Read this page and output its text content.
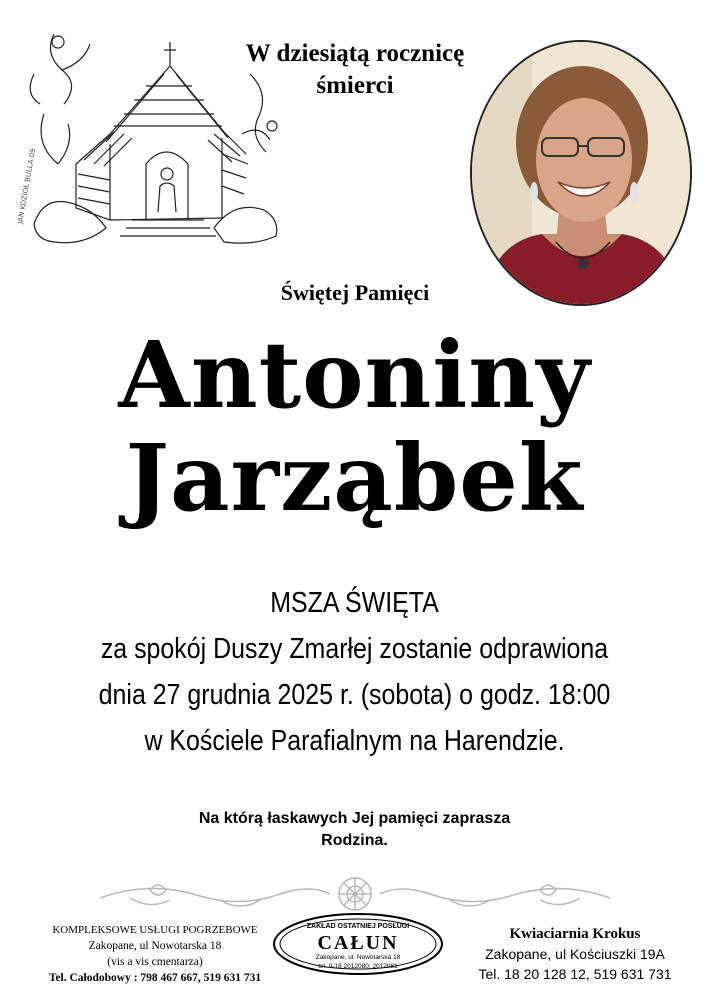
JAN KOZIOŁ BULLA 09
W dziesiątą rocznicę
śmierci
Świętej Pamięci
Antoniny
Jarząbek
MSZA ŚWIĘTA
za spokój Duszy Zmarłej zostanie odprawiona
dnia 27 grudnia 2025 r. (sobota) o godz. 18:00
w Kościele Parafialnym na Harendzie.
Na którą łaskawych Jej pamięci zaprasza
Rodzina.
KOMPLEKSOWE USŁUGI POGRZEBOWE
Zakopane, ul Nowotarska 18
(vis a vis cmentarza)
Tel. Całodobowy : 798 467 667, 519 631 731
ZAKŁAD OSTATNIEJ POSŁUGI
CAŁUN
Zakopane, ul. Nowotarska 18
tel. 0-18 2012080, 2012081
Kwiaciarnia Krokus
Zakopane, ul Kościuszki 19A
Tel. 18 20 128 12, 519 631 731
